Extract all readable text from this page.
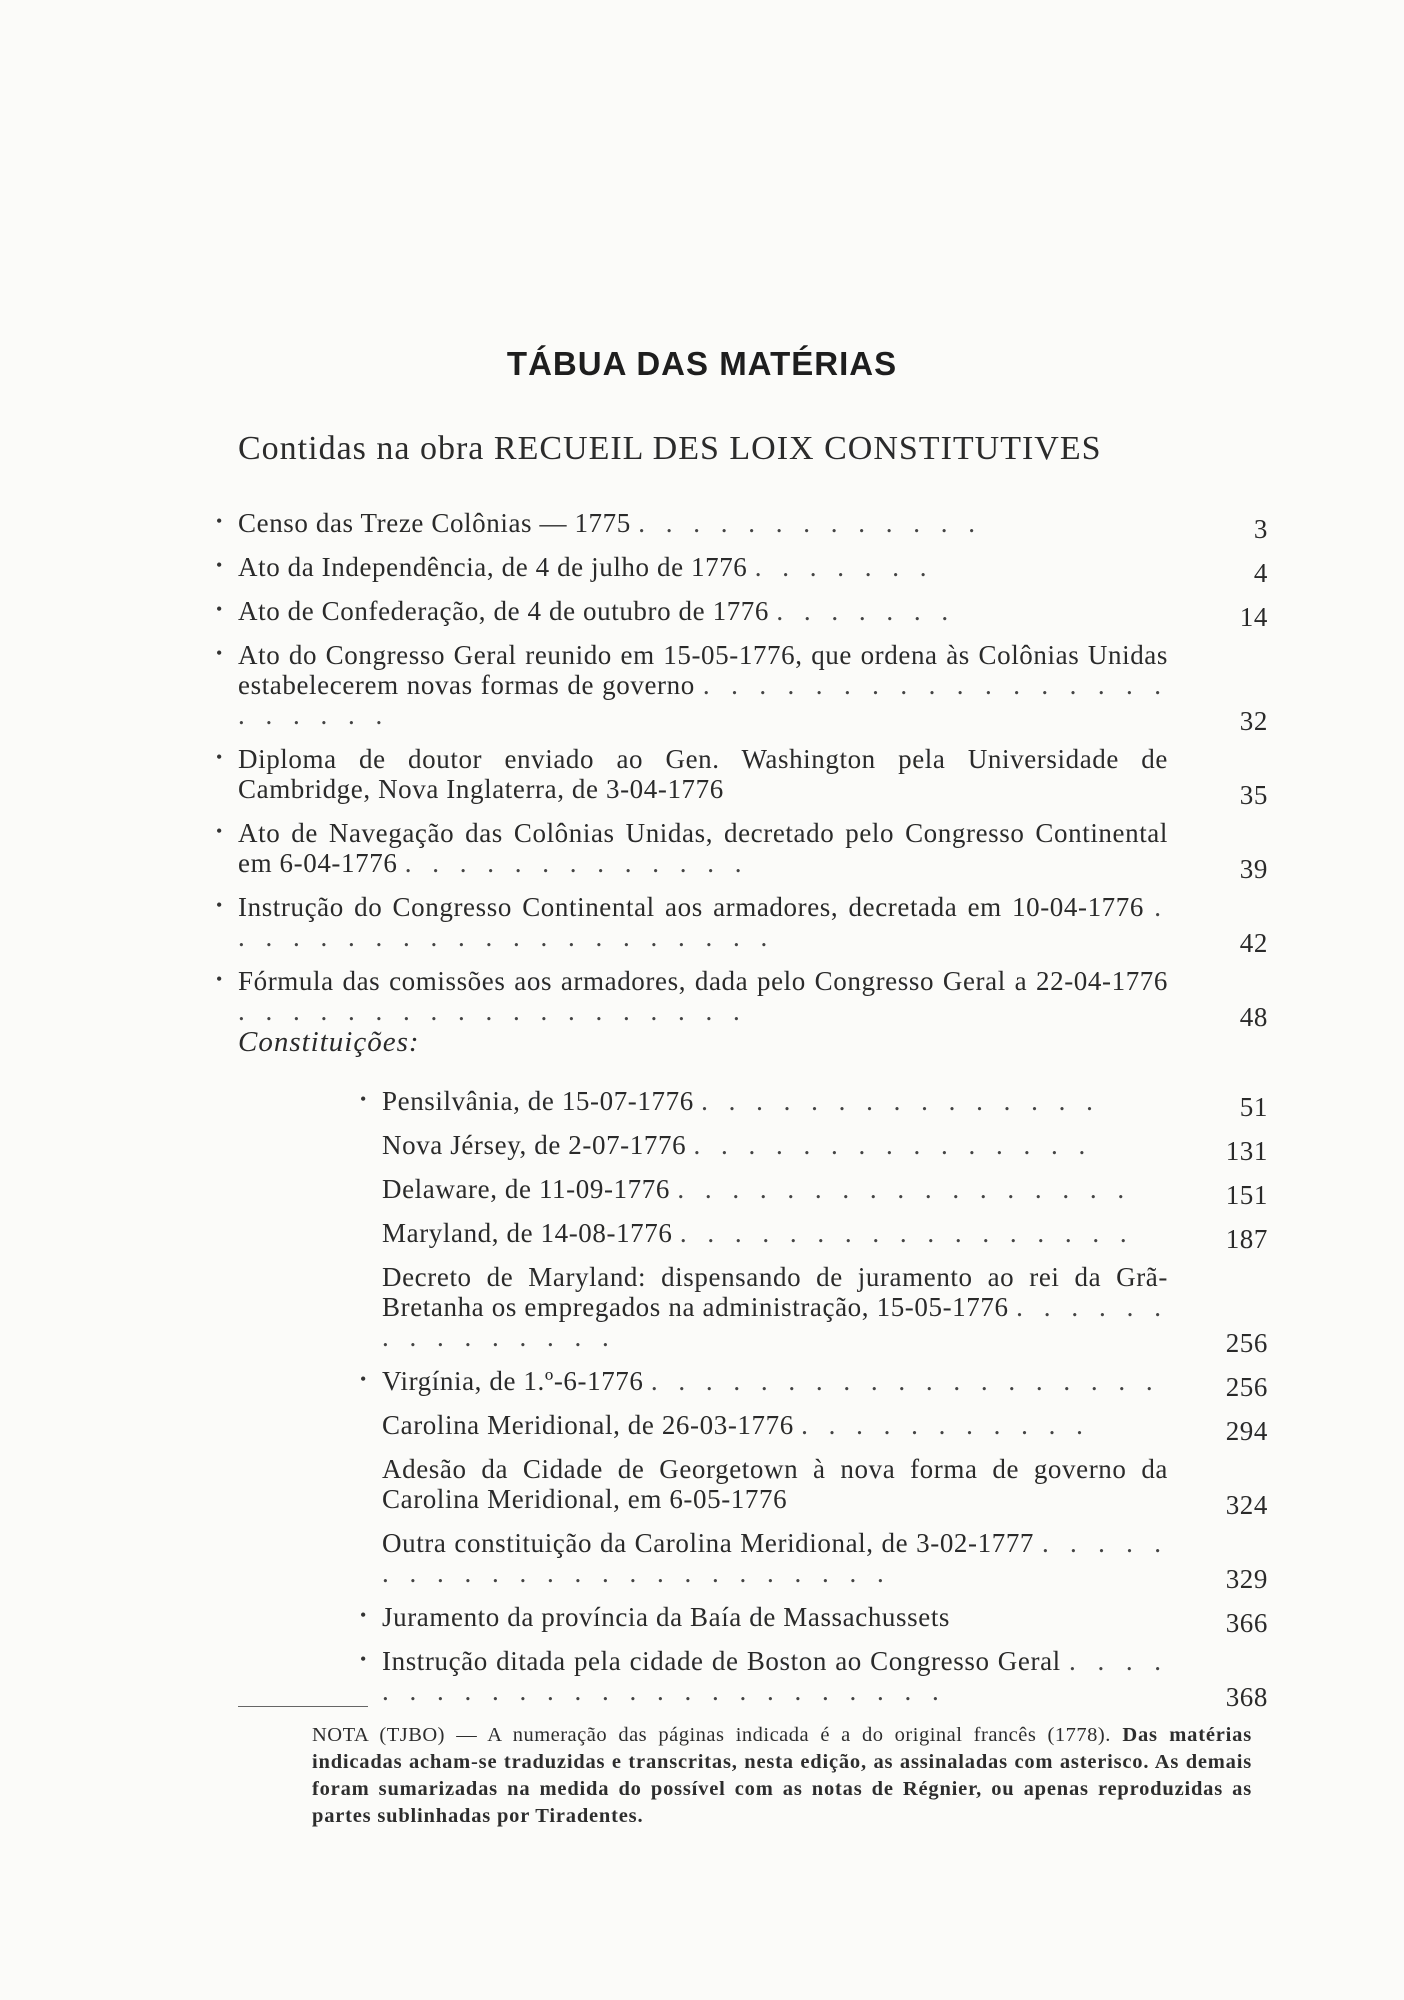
TÁBUA DAS MATÉRIAS
Contidas na obra RECUEIL DES LOIX CONSTITUTIVES
• Censo das Treze Colônias — 1775 . . . . . . . . . . . . .	3
• Ato da Independência, de 4 de julho de 1776 . . . . . . .	4
• Ato de Confederação, de 4 de outubro de 1776 . . . . . . .	14
• Ato do Congresso Geral reunido em 15-05-1776, que ordena às Colônias Unidas estabelecerem novas formas de governo . . . . . . . . . . . . . . . . . . . . . . .	32
• Diploma de doutor enviado ao Gen. Washington pela Universidade de Cambridge, Nova Inglaterra, de 3-04-1776	35
• Ato de Navegação das Colônias Unidas, decretado pelo Congresso Continental em 6-04-1776 . . . . . . . . . . . . .	39
• Instrução do Congresso Continental aos armadores, decretada em 10-04-1776 . . . . . . . . . . . . . . . . . . . . .	42
• Fórmula das comissões aos armadores, dada pelo Congresso Geral a 22-04-1776 . . . . . . . . . . . . . . . . . . .	48
Constituições:
• Pensilvânia, de 15-07-1776 . . . . . . . . . . . . . . .	51
Nova Jérsey, de 2-07-1776 . . . . . . . . . . . . . . .	131
Delaware, de 11-09-1776 . . . . . . . . . . . . . . . . .	151
Maryland, de 14-08-1776 . . . . . . . . . . . . . . . . .	187
Decreto de Maryland: dispensando de juramento ao rei da Grã-Bretanha os empregados na administração, 15-05-1776 . . . . . . . . . . . . . . .	256
• Virgínia, de 1.º-6-1776 . . . . . . . . . . . . . . . . . . .	256
Carolina Meridional, de 26-03-1776 . . . . . . . . . . .	294
Adesão da Cidade de Georgetown à nova forma de governo da Carolina Meridional, em 6-05-1776	324
Outra constituição da Carolina Meridional, de 3-02-1777 . . . . . . . . . . . . . . . . . . . . . . . .	329
• Juramento da província da Baía de Massachussets	366
• Instrução ditada pela cidade de Boston ao Congresso Geral . . . . . . . . . . . . . . . . . . . . . . . . .	368
NOTA (TJBO) — A numeração das páginas indicada é a do original francês (1778). Das matérias indicadas acham-se traduzidas e transcritas, nesta edição, as assinaladas com asterisco. As demais foram sumarizadas na medida do possível com as notas de Régnier, ou apenas reproduzidas as partes sublinhadas por Tiradentes.
